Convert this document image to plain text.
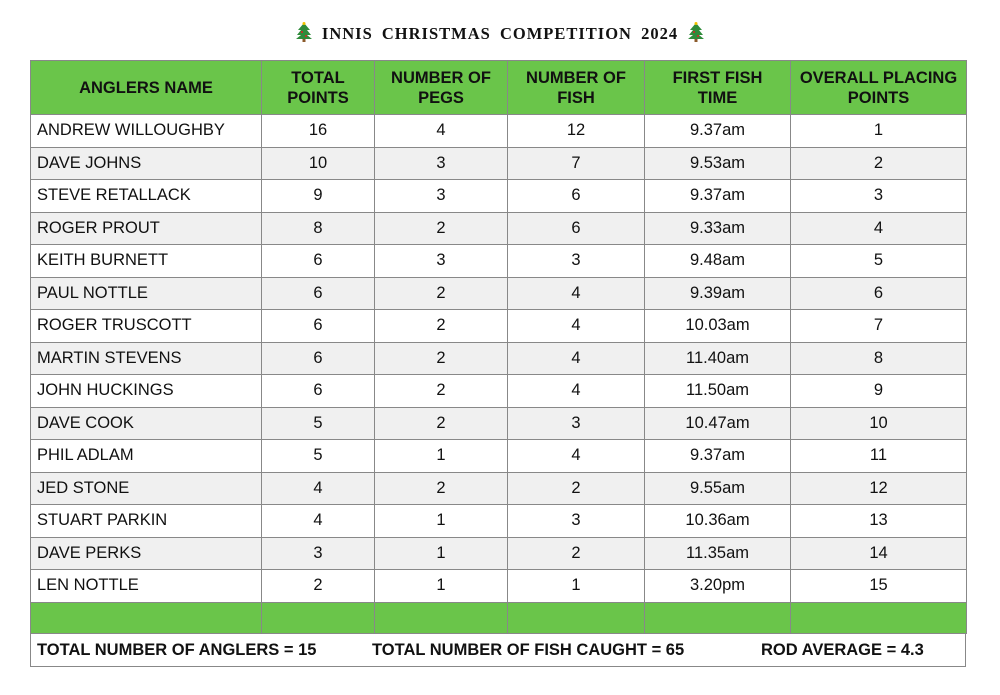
INNIS CHRISTMAS COMPETITION 2024
ANGLERS NAME	TOTAL POINTS	NUMBER OF PEGS	NUMBER OF FISH	FIRST FISH TIME	OVERALL PLACING POINTS
ANDREW WILLOUGHBY	16	4	12	9.37am	1
DAVE JOHNS	10	3	7	9.53am	2
STEVE RETALLACK	9	3	6	9.37am	3
ROGER PROUT	8	2	6	9.33am	4
KEITH BURNETT	6	3	3	9.48am	5
PAUL NOTTLE	6	2	4	9.39am	6
ROGER TRUSCOTT	6	2	4	10.03am	7
MARTIN STEVENS	6	2	4	11.40am	8
JOHN HUCKINGS	6	2	4	11.50am	9
DAVE COOK	5	2	3	10.47am	10
PHIL ADLAM	5	1	4	9.37am	11
JED STONE	4	2	2	9.55am	12
STUART PARKIN	4	1	3	10.36am	13
DAVE PERKS	3	1	2	11.35am	14
LEN NOTTLE	2	1	1	3.20pm	15

TOTAL NUMBER OF ANGLERS = 15	TOTAL NUMBER OF FISH CAUGHT = 65	ROD AVERAGE = 4.3
